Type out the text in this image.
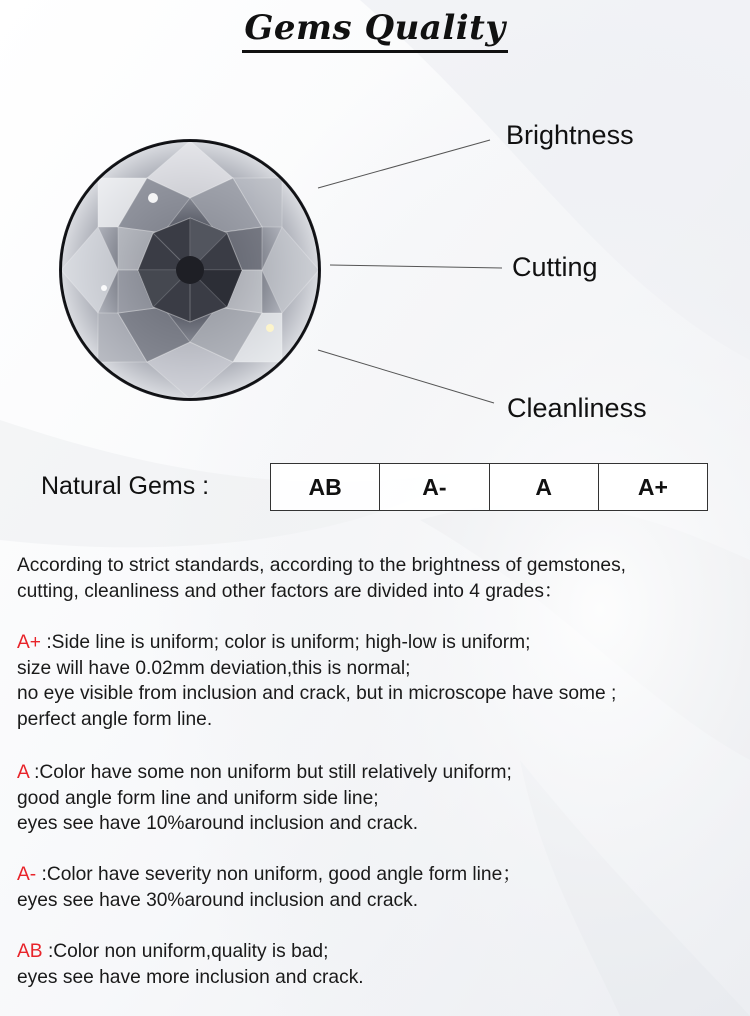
Gems Quality
Brightness
Cutting
Cleanliness
Natural Gems :	AB	A-	A	A+

According to strict standards, according to the brightness of gemstones,

cutting, cleanliness and other factors are divided into 4 grades：

A+ :Side line is uniform; color is uniform; high-low is uniform;

size will have 0.02mm deviation,this is normal;

no eye visible from inclusion and crack, but in microscope have some ;

perfect angle form line.

A :Color have some non uniform but still relatively uniform;

good angle form line and uniform side line;

eyes see have 10%around inclusion and crack.

A- :Color have severity non uniform, good angle form line；

eyes see have 30%around inclusion and crack.

AB :Color non uniform,quality is bad;

eyes see have more inclusion and crack.
